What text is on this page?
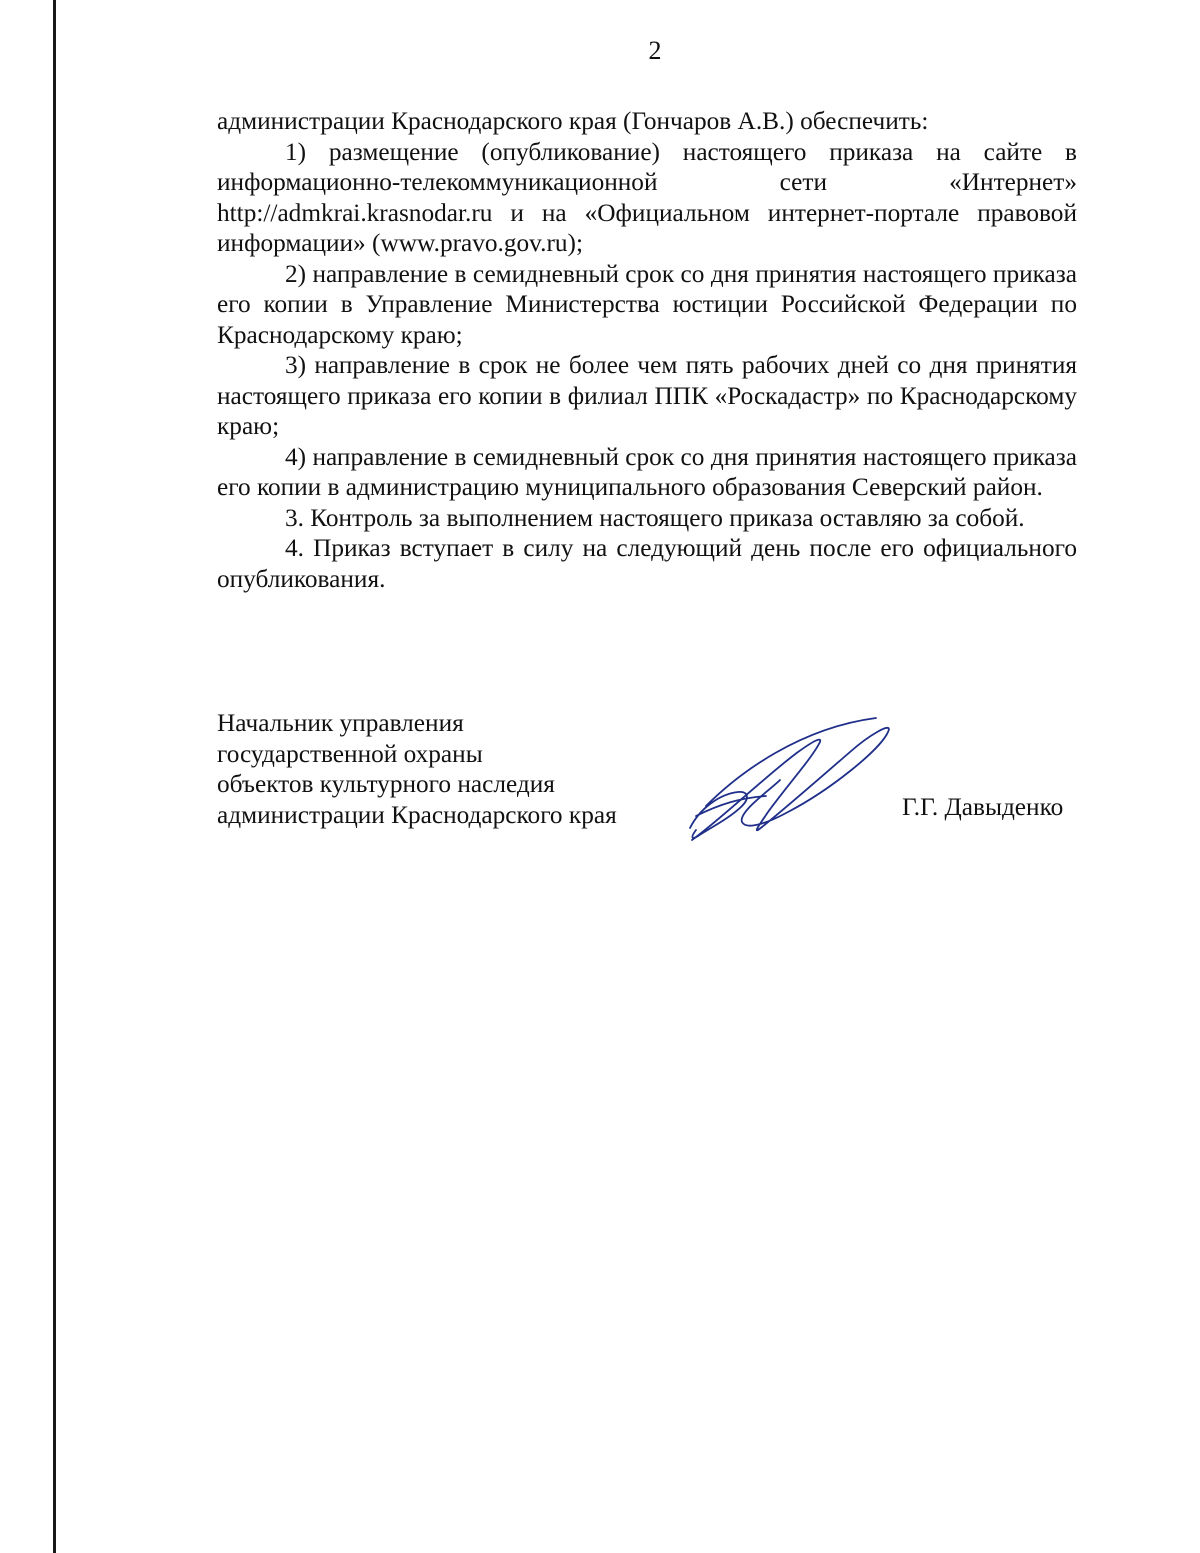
2

администрации Краснодарского края (Гончаров А.В.) обеспечить:

1) размещение (опубликование) настоящего приказа на сайте в информационно-телекоммуникационной сети «Интернет» http://admkrai.krasnodar.ru и на «Официальном интернет-портале правовой информации» (www.pravo.gov.ru);

2) направление в семидневный срок со дня принятия настоящего приказа его копии в Управление Министерства юстиции Российской Федерации по Краснодарскому краю;

3) направление в срок не более чем пять рабочих дней со дня принятия настоящего приказа его копии в филиал ППК «Роскадастр» по Краснодарскому краю;

4) направление в семидневный срок со дня принятия настоящего приказа его копии в администрацию муниципального образования Северский район.

3. Контроль за выполнением настоящего приказа оставляю за собой.

4. Приказ вступает в силу на следующий день после его официального опубликования.

Начальник управления
государственной охраны
объектов культурного наследия
администрации Краснодарского края	Г.Г. Давыденко
